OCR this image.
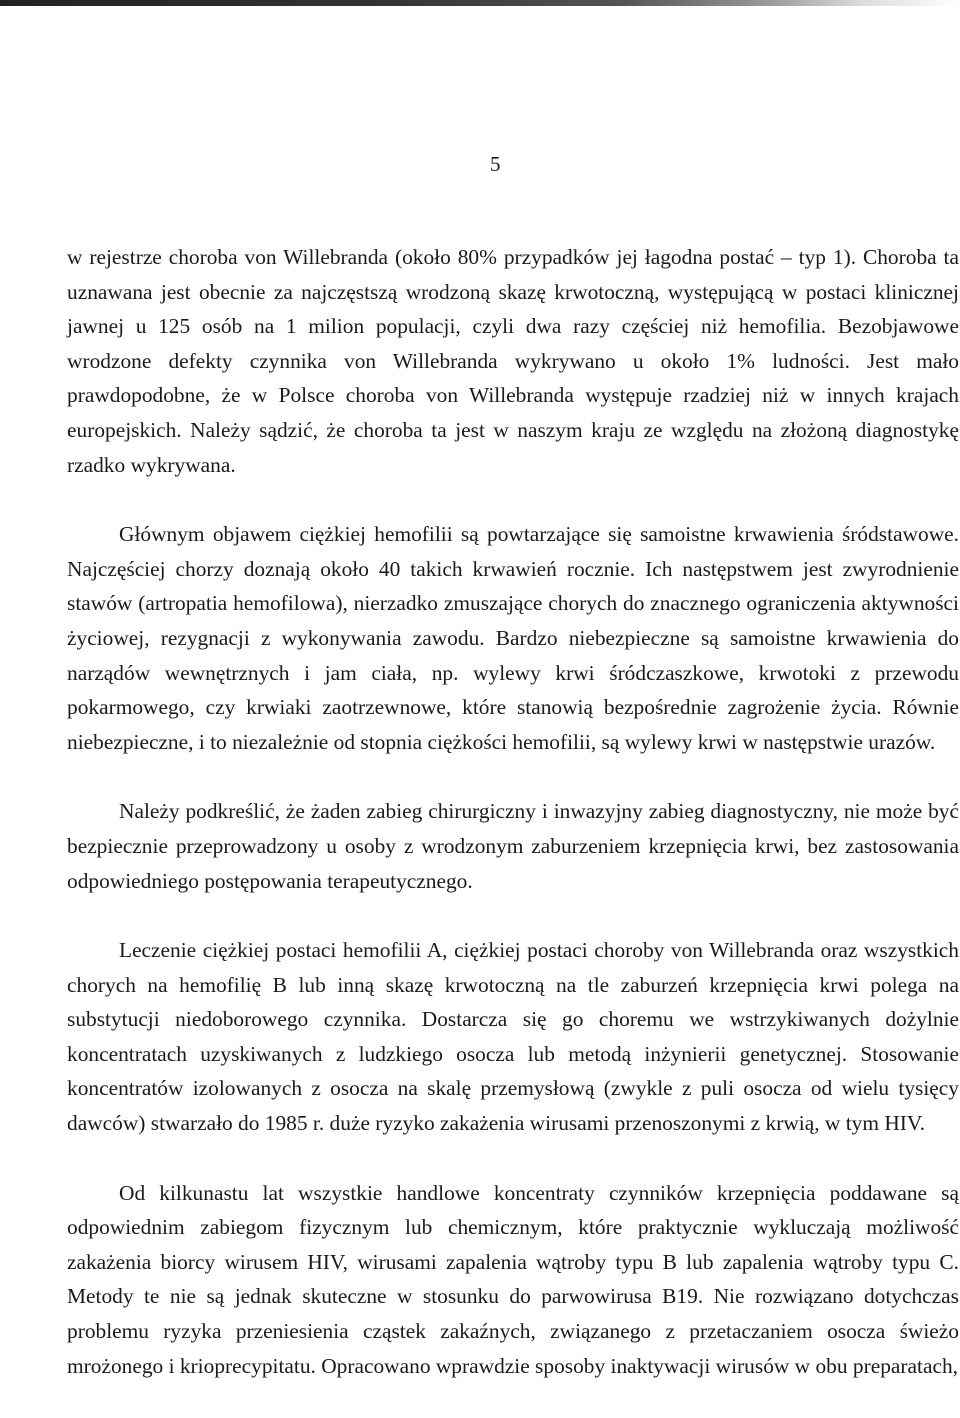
5

w rejestrze choroba von Willebranda (około 80% przypadków jej łagodna postać – typ 1). Choroba ta uznawana jest obecnie za najczęstszą wrodzoną skazę krwotoczną, występującą w postaci klinicznej jawnej u 125 osób na 1 milion populacji, czyli dwa razy częściej niż hemofilia. Bezobjawowe wrodzone defekty czynnika von Willebranda wykrywano u około 1% ludności. Jest mało prawdopodobne, że w Polsce choroba von Willebranda występuje rzadziej niż w innych krajach europejskich. Należy sądzić, że choroba ta jest w naszym kraju ze względu na złożoną diagnostykę rzadko wykrywana.

Głównym objawem ciężkiej hemofilii są powtarzające się samoistne krwawienia śródstawowe. Najczęściej chorzy doznają około 40 takich krwawień rocznie. Ich następstwem jest zwyrodnienie stawów (artropatia hemofilowa), nierzadko zmuszające chorych do znacznego ograniczenia aktywności życiowej, rezygnacji z wykonywania zawodu. Bardzo niebezpieczne są samoistne krwawienia do narządów wewnętrznych i jam ciała, np. wylewy krwi śródczaszkowe, krwotoki z przewodu pokarmowego, czy krwiaki zaotrzewnowe, które stanowią bezpośrednie zagrożenie życia. Równie niebezpieczne, i to niezależnie od stopnia ciężkości hemofilii, są wylewy krwi w następstwie urazów.

Należy podkreślić, że żaden zabieg chirurgiczny i inwazyjny zabieg diagnostyczny, nie może być bezpiecznie przeprowadzony u osoby z wrodzonym zaburzeniem krzepnięcia krwi, bez zastosowania odpowiedniego postępowania terapeutycznego.

Leczenie ciężkiej postaci hemofilii A, ciężkiej postaci choroby von Willebranda oraz wszystkich chorych na hemofilię B lub inną skazę krwotoczną na tle zaburzeń krzepnięcia krwi polega na substytucji niedoborowego czynnika. Dostarcza się go choremu we wstrzykiwanych dożylnie koncentratach uzyskiwanych z ludzkiego osocza lub metodą inżynierii genetycznej. Stosowanie koncentratów izolowanych z osocza na skalę przemysłową (zwykle z puli osocza od wielu tysięcy dawców) stwarzało do 1985 r. duże ryzyko zakażenia wirusami przenoszonymi z krwią, w tym HIV.

Od kilkunastu lat wszystkie handlowe koncentraty czynników krzepnięcia poddawane są odpowiednim zabiegom fizycznym lub chemicznym, które praktycznie wykluczają możliwość zakażenia biorcy wirusem HIV, wirusami zapalenia wątroby typu B lub zapalenia wątroby typu C. Metody te nie są jednak skuteczne w stosunku do parwowirusa B19. Nie rozwiązano dotychczas problemu ryzyka przeniesienia cząstek zakaźnych, związanego z przetaczaniem osocza świeżo mrożonego i krioprecypitatu. Opracowano wprawdzie sposoby inaktywacji wirusów w obu preparatach,
